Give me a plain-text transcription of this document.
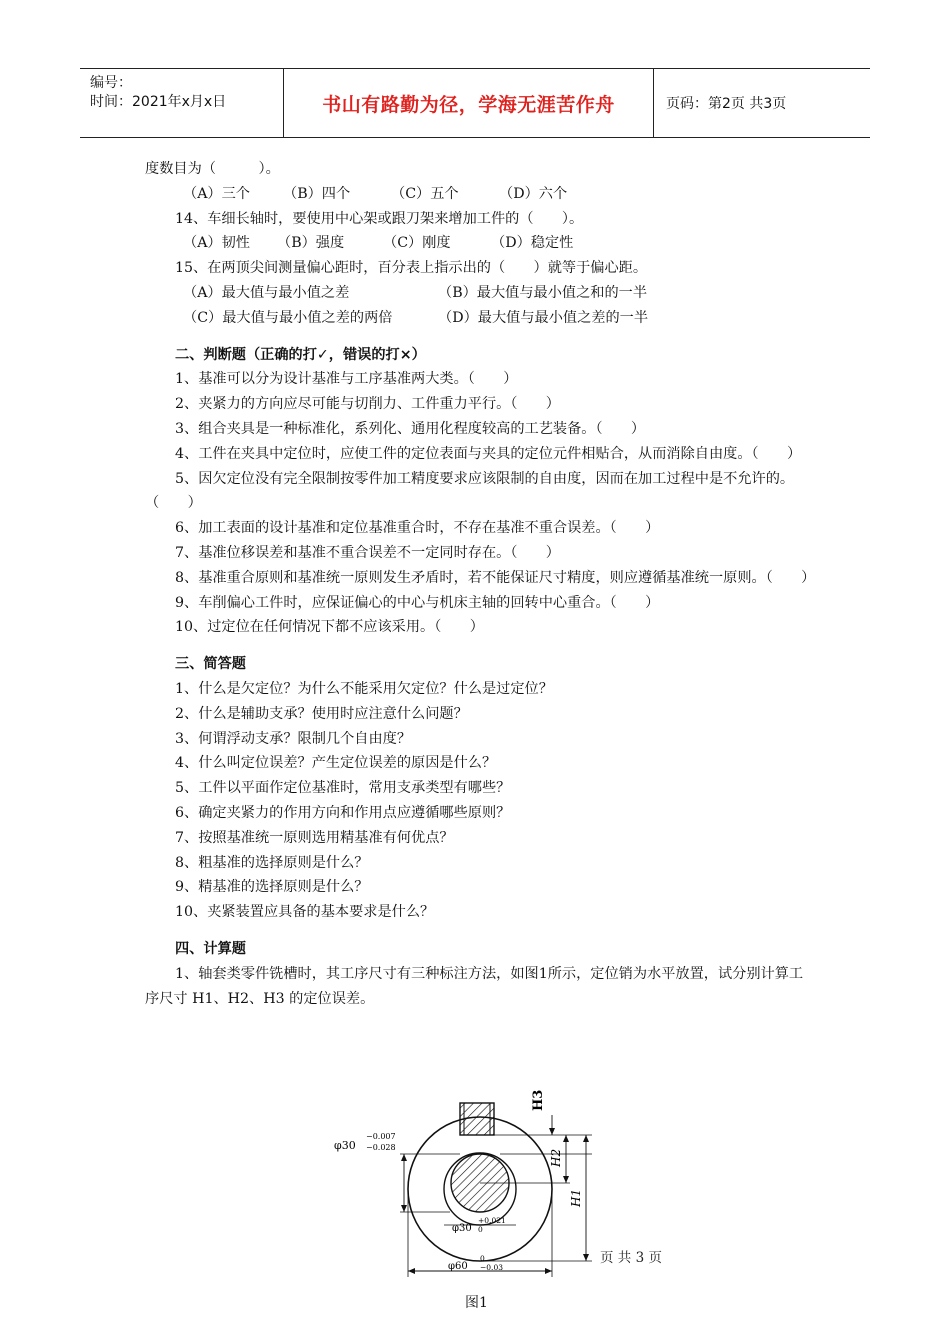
编号：
时间：2021年x月x日	书山有路勤为径，学海无涯苦作舟	页码：第2页 共3页
度数目为（　　　）。
（A）三个	（B）四个	（C）五个	（D）六个
14、车细长轴时，要使用中心架或跟刀架来增加工件的（　　）。
（A）韧性	（B）强度	（C）刚度	（D）稳定性
15、在两顶尖间测量偏心距时，百分表上指示出的（　　）就等于偏心距。
（A）最大值与最小值之差	（B）最大值与最小值之和的一半
（C）最大值与最小值之差的两倍	（D）最大值与最小值之差的一半
二、判断题（正确的打✓，错误的打×）
1、基准可以分为设计基准与工序基准两大类。（　　）
2、夹紧力的方向应尽可能与切削力、工件重力平行。（　　）
3、组合夹具是一种标准化，系列化、通用化程度较高的工艺装备。（　　）
4、工件在夹具中定位时，应使工件的定位表面与夹具的定位元件相贴合，从而消除自由度。（　　）
5、因欠定位没有完全限制按零件加工精度要求应该限制的自由度，因而在加工过程中是不允许的。（　　）
6、加工表面的设计基准和定位基准重合时，不存在基准不重合误差。（　　）
7、基准位移误差和基准不重合误差不一定同时存在。（　　）
8、基准重合原则和基准统一原则发生矛盾时，若不能保证尺寸精度，则应遵循基准统一原则。（　　）
9、车削偏心工件时，应保证偏心的中心与机床主轴的回转中心重合。（　　）
10、过定位在任何情况下都不应该采用。（　　）
三、简答题
1、什么是欠定位？为什么不能采用欠定位？什么是过定位？
2、什么是辅助支承？使用时应注意什么问题？
3、何谓浮动支承？限制几个自由度？
4、什么叫定位误差？产生定位误差的原因是什么？
5、工件以平面作定位基准时，常用支承类型有哪些？
6、确定夹紧力的作用方向和作用点应遵循哪些原则？
7、按照基准统一原则选用精基准有何优点？
8、粗基准的选择原则是什么？
9、精基准的选择原则是什么？
10、夹紧装置应具备的基本要求是什么？
四、计算题
1、轴套类零件铣槽时，其工序尺寸有三种标注方法，如图1所示，定位销为水平放置，试分别计算工序尺寸 H1、H2、H3 的定位误差。
H3
H2
H1
φ30
−0.007
−0.028
φ30
+0.021
0
φ60
0
−0.03
页 共 3 页
图1
